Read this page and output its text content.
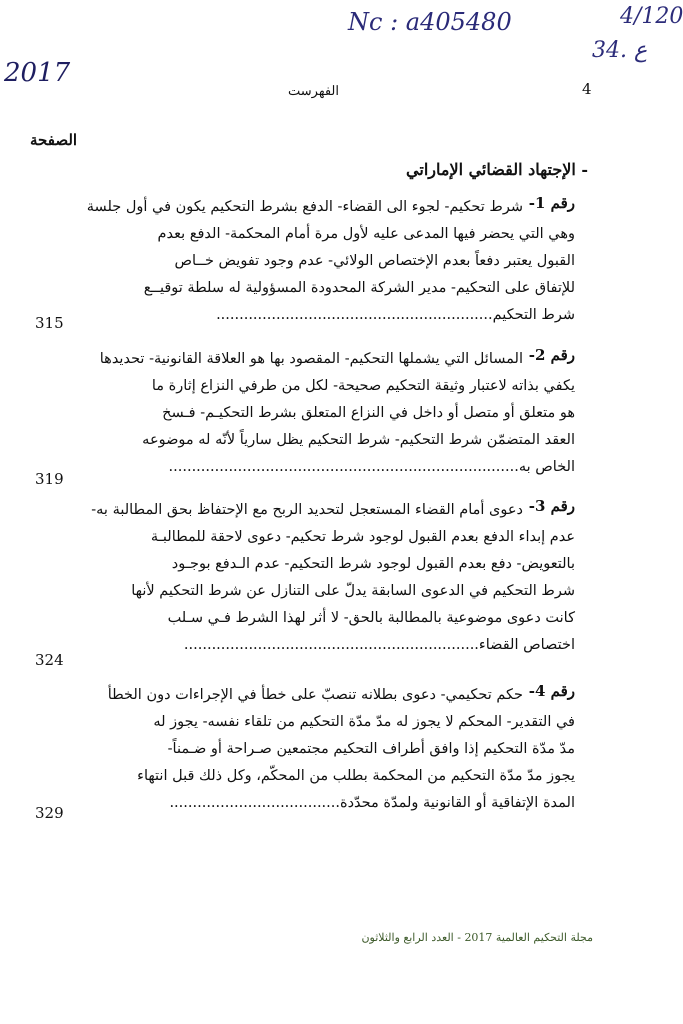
Nc : a405480
2017
4/120
34. ع
4
الفهرست
الصفحة
- الإجتهاد القضائي الإماراتي
رقم 1-
شرط تحكيم- لجوء الى القضاء- الدفع بشرط التحكيم يكون في أول جلسة
وهي التي يحضر فيها المدعى عليه لأول مرة أمام المحكمة- الدفع بعدم
القبول يعتبر دفعاً بعدم الإختصاص الولائي- عدم وجود تفويض خــاص
للإتفاق على التحكيم- مدير الشركة المحدودة المسؤولية له سلطة توقيــع
شرط التحكيم............................................................
315
رقم 2-
المسائل التي يشملها التحكيم- المقصود بها هو العلاقة القانونية- تحديدها
يكفي بذاته لاعتبار وثيقة التحكيم صحيحة- لكل من طرفي النزاع إثارة ما
هو متعلق أو متصل أو داخل في النزاع المتعلق بشرط التحكيـم- فـسخ
العقد المتضمّن شرط التحكيم- شرط التحكيم يظل سارياً لأنّه له موضوعه
الخاص به............................................................................
319
رقم 3-
دعوى أمام القضاء المستعجل لتحديد الربح مع الإحتفاظ بحق المطالبة به-
عدم إبداء الدفع بعدم القبول لوجود شرط تحكيم- دعوى لاحقة للمطالبـة
بالتعويض- دفع بعدم القبول لوجود شرط التحكيم- عدم الـدفع بوجـود
شرط التحكيم في الدعوى السابقة يدلّ على التنازل عن شرط التحكيم لأنها
كانت دعوى موضوعية بالمطالبة بالحق- لا أثر لهذا الشرط فـي سـلب
اختصاص القضاء................................................................
324
رقم 4-
حكم تحكيمي- دعوى بطلانه تنصبّ على خطأ في الإجراءات دون الخطأ
في التقدير- المحكم لا يجوز له مدّ مدّة التحكيم من تلقاء نفسه- يجوز له
مدّ مدّة التحكيم إذا وافق أطراف التحكيم مجتمعين صـراحة أو ضـمناً-
يجوز مدّ مدّة التحكيم من المحكمة بطلب من المحكّم، وكل ذلك قبل انتهاء
المدة الإتفاقية أو القانونية ولمدّة محدّدة.....................................
329
مجلة التحكيم العالمية 2017 - العدد الرابع والثلاثون
